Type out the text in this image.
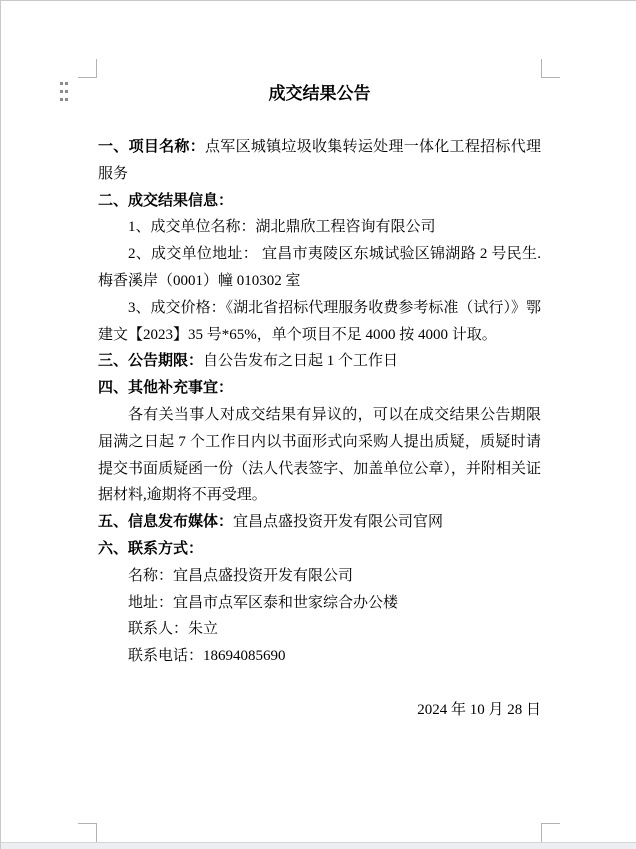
成交结果公告

一、项目名称：点军区城镇垃圾收集转运处理一体化工程招标代理服务

二、成交结果信息：

1、成交单位名称：湖北鼎欣工程咨询有限公司

2、成交单位地址： 宜昌市夷陵区东城试验区锦湖路 2 号民生.梅香溪岸（0001）幢 010302 室

3、成交价格：《湖北省招标代理服务收费参考标准（试行）》鄂建文【2023】35 号*65%，单个项目不足 4000 按 4000 计取。

三、公告期限：自公告发布之日起 1 个工作日

四、其他补充事宜：

各有关当事人对成交结果有异议的，可以在成交结果公告期限届满之日起 7 个工作日内以书面形式向采购人提出质疑，质疑时请提交书面质疑函一份（法人代表签字、加盖单位公章），并附相关证据材料,逾期将不再受理。

五、信息发布媒体：宜昌点盛投资开发有限公司官网

六、联系方式：

名称：宜昌点盛投资开发有限公司

地址：宜昌市点军区泰和世家综合办公楼

联系人：朱立

联系电话：18694085690

2024 年 10 月 28 日
